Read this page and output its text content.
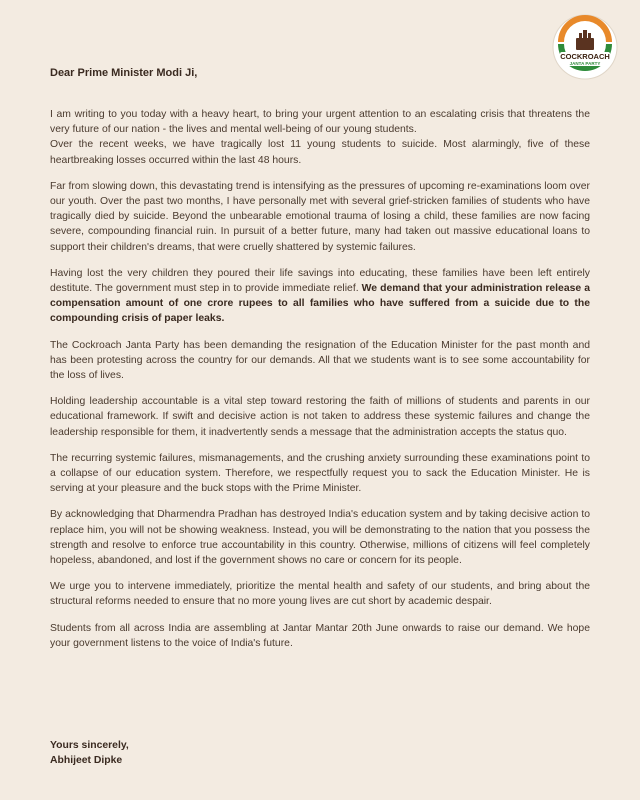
COCKROACH
JANTA PARTY
Dear Prime Minister Modi Ji,

I am writing to you today with a heavy heart, to bring your urgent attention to an escalating crisis that threatens the very future of our nation - the lives and mental well-being of our young students.
Over the recent weeks, we have tragically lost 11 young students to suicide. Most alarmingly, five of these heartbreaking losses occurred within the last 48 hours.

Far from slowing down, this devastating trend is intensifying as the pressures of upcoming re-examinations loom over our youth. Over the past two months, I have personally met with several grief-stricken families of students who have tragically died by suicide. Beyond the unbearable emotional trauma of losing a child, these families are now facing severe, compounding financial ruin. In pursuit of a better future, many had taken out massive educational loans to support their children's dreams, that were cruelly shattered by systemic failures.

Having lost the very children they poured their life savings into educating, these families have been left entirely destitute. The government must step in to provide immediate relief. We demand that your administration release a compensation amount of one crore rupees to all families who have suffered from a suicide due to the compounding crisis of paper leaks.

The Cockroach Janta Party has been demanding the resignation of the Education Minister for the past month and has been protesting across the country for our demands. All that we students want is to see some accountability for the loss of lives.

Holding leadership accountable is a vital step toward restoring the faith of millions of students and parents in our educational framework. If swift and decisive action is not taken to address these systemic failures and change the leadership responsible for them, it inadvertently sends a message that the administration accepts the status quo.

The recurring systemic failures, mismanagements, and the crushing anxiety surrounding these examinations point to a collapse of our education system. Therefore, we respectfully request you to sack the Education Minister. He is serving at your pleasure and the buck stops with the Prime Minister.

By acknowledging that Dharmendra Pradhan has destroyed India's education system and by taking decisive action to replace him, you will not be showing weakness. Instead, you will be demonstrating to the nation that you possess the strength and resolve to enforce true accountability in this country. Otherwise, millions of citizens will feel completely hopeless, abandoned, and lost if the government shows no care or concern for its people.

We urge you to intervene immediately, prioritize the mental health and safety of our students, and bring about the structural reforms needed to ensure that no more young lives are cut short by academic despair.

Students from all across India are assembling at Jantar Mantar 20th June onwards to raise our demand. We hope your government listens to the voice of India's future.

Yours sincerely,
Abhijeet Dipke
